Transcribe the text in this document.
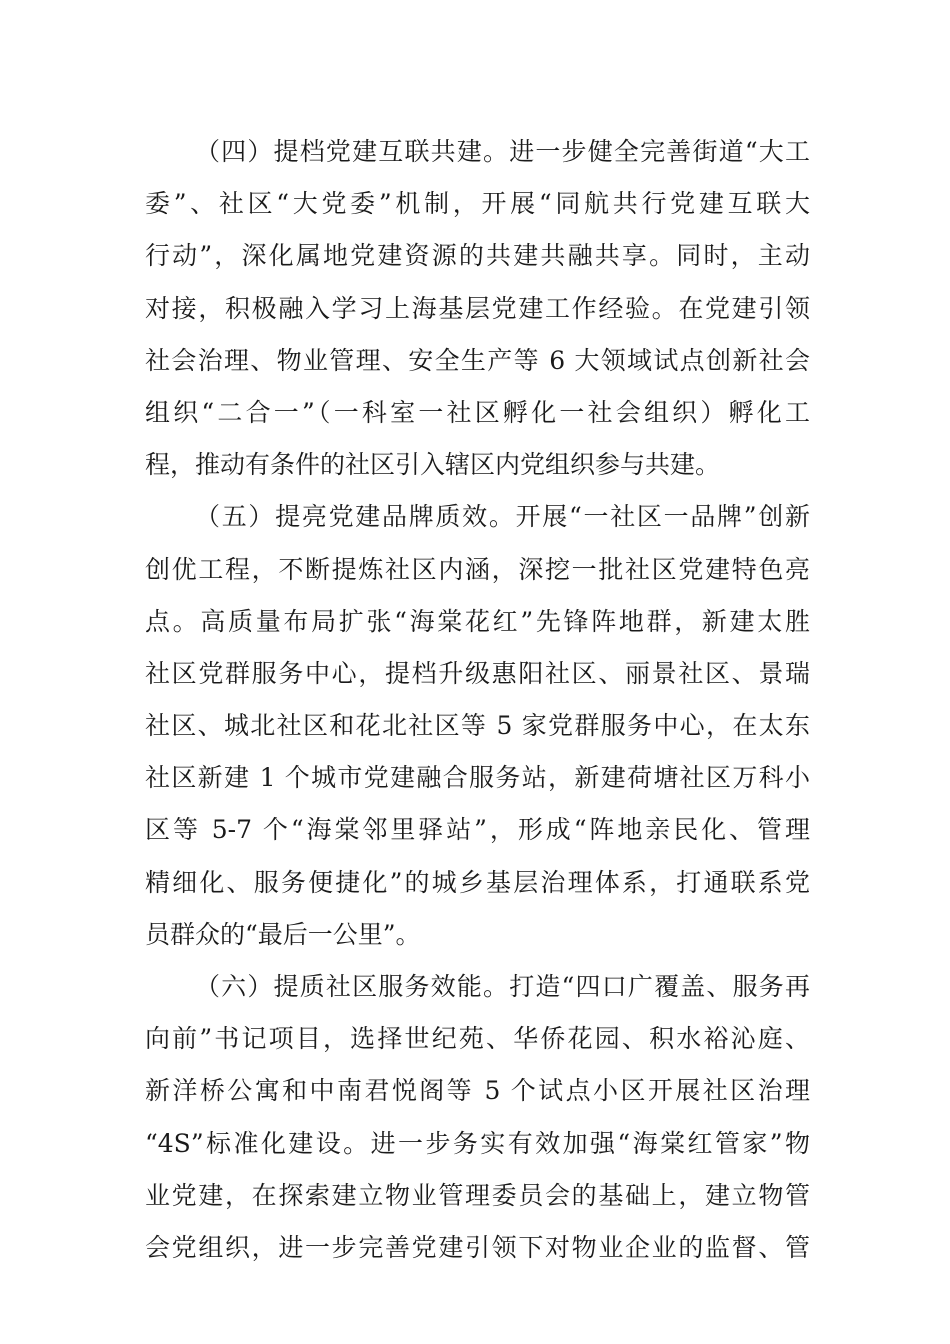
（四）提档党建互联共建。进一步健全完善街道“大工
委”、社区“大党委”机制，开展“同航共行党建互联大
行动”，深化属地党建资源的共建共融共享。同时，主动
对接，积极融入学习上海基层党建工作经验。在党建引领
社会治理、物业管理、安全生产等 6 大领域试点创新社会
组织“二合一”（一科室一社区孵化一社会组织）孵化工
程，推动有条件的社区引入辖区内党组织参与共建。
（五）提亮党建品牌质效。开展“一社区一品牌”创新
创优工程，不断提炼社区内涵，深挖一批社区党建特色亮
点。高质量布局扩张“海棠花红”先锋阵地群，新建太胜
社区党群服务中心，提档升级惠阳社区、丽景社区、景瑞
社区、城北社区和花北社区等 5 家党群服务中心，在太东
社区新建 1 个城市党建融合服务站，新建荷塘社区万科小
区等 5-7 个“海棠邻里驿站”，形成“阵地亲民化、管理
精细化、服务便捷化”的城乡基层治理体系，打通联系党
员群众的“最后一公里”。
（六）提质社区服务效能。打造“四口广覆盖、服务再
向前”书记项目，选择世纪苑、华侨花园、积水裕沁庭、
新洋桥公寓和中南君悦阁等 5 个试点小区开展社区治理
“4S”标准化建设。进一步务实有效加强“海棠红管家”物
业党建，在探索建立物业管理委员会的基础上，建立物管
会党组织，进一步完善党建引领下对物业企业的监督、管
